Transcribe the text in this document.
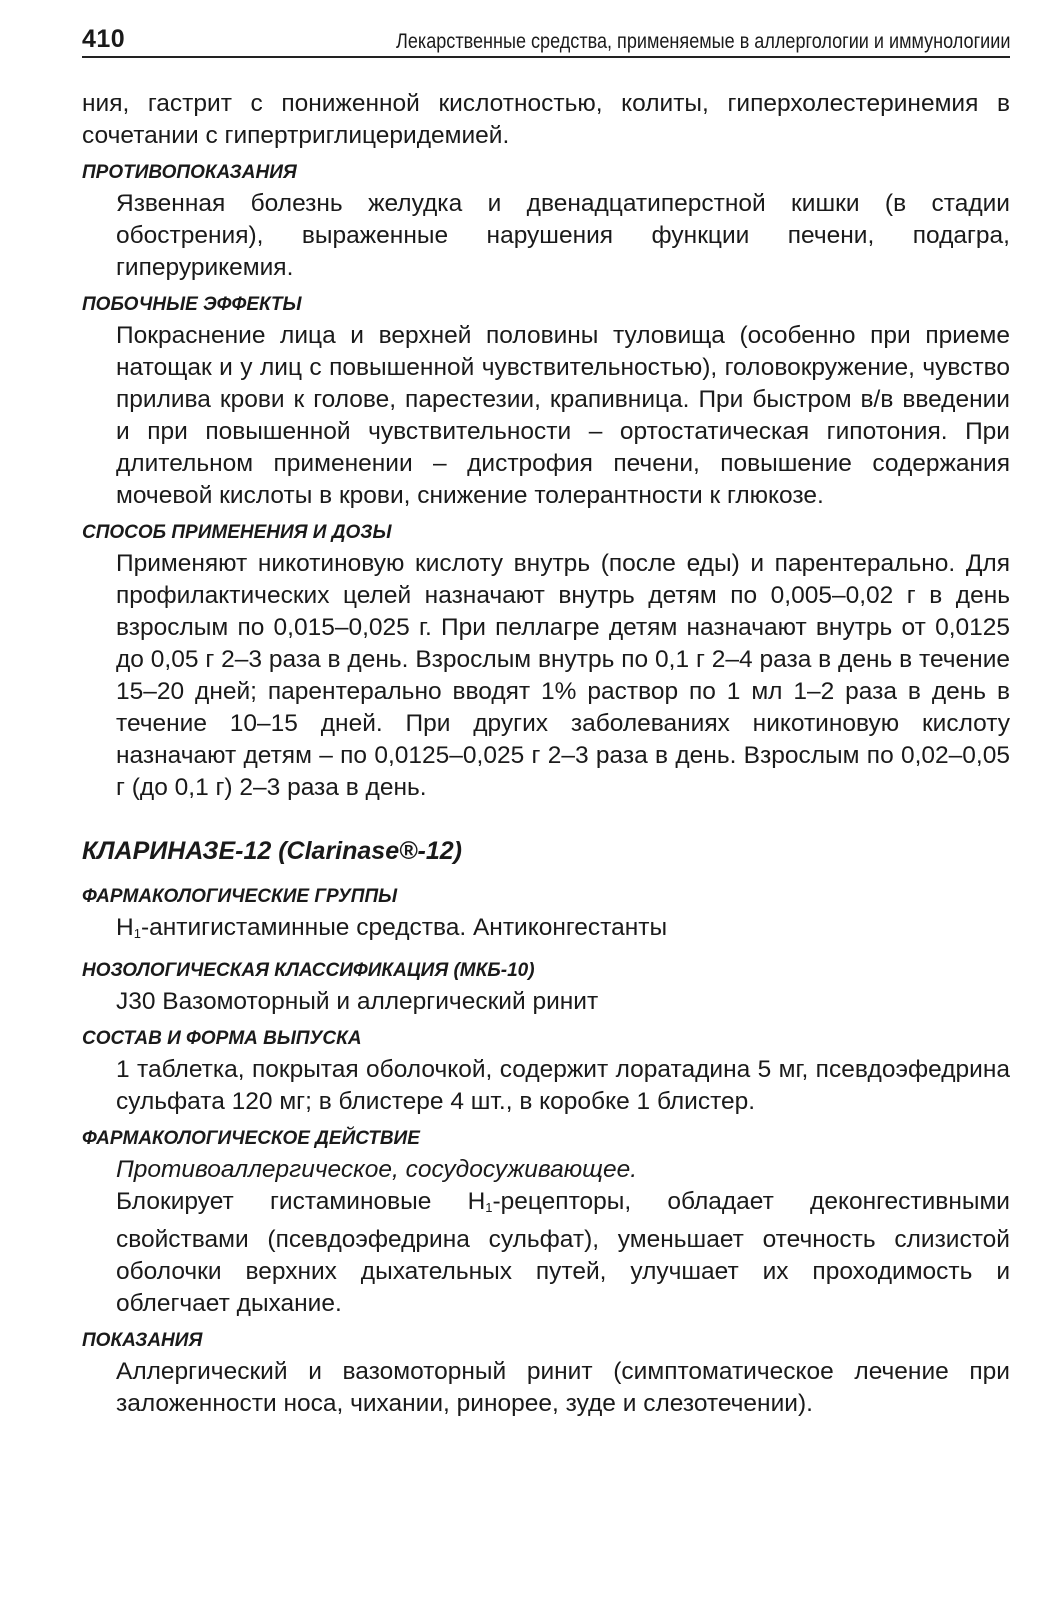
410	Лекарственные средства, применяемые в аллергологии и иммунологиии

ния, гастрит с пониженной кислотностью, колиты, гиперхолестеринемия в сочетании с гипертриглицеридемией.

ПРОТИВОПОКАЗАНИЯ

Язвенная болезнь желудка и двенадцатиперстной кишки (в стадии обострения), выраженные нарушения функции печени, подагра, гиперурикемия.

ПОБОЧНЫЕ ЭФФЕКТЫ

Покраснение лица и верхней половины туловища (особенно при приеме натощак и у лиц с повышенной чувствительностью), головокружение, чувство прилива крови к голове, парестезии, крапивница. При быстром в/в введении и при повышенной чувствительности – ортостатическая гипотония. При длительном применении – дистрофия печени, повышение содержания мочевой кислоты в крови, снижение толерантности к глюкозе.

СПОСОБ ПРИМЕНЕНИЯ И ДОЗЫ

Применяют никотиновую кислоту внутрь (после еды) и парентерально. Для профилактических целей назначают внутрь детям по 0,005–0,02 г в день взрослым по 0,015–0,025 г. При пеллагре детям назначают внутрь от 0,0125 до 0,05 г 2–3 раза в день. Взрослым внутрь по 0,1 г 2–4 раза в день в течение 15–20 дней; парентерально вводят 1% раствор по 1 мл 1–2 раза в день в течение 10–15 дней. При других заболеваниях никотиновую кислоту назначают детям – по 0,0125–0,025 г 2–3 раза в день. Взрослым по 0,02–0,05 г (до 0,1 г) 2–3 раза в день.

КЛАРИНАЗЕ-12 (Clarinase®-12)
ФАРМАКОЛОГИЧЕСКИЕ ГРУППЫ

$H_1$-антигистаминные средства. Антиконгестанты

НОЗОЛОГИЧЕСКАЯ КЛАССИФИКАЦИЯ (МКБ-10)

J30 Вазомоторный и аллергический ринит

СОСТАВ И ФОРМА ВЫПУСКА

1 таблетка, покрытая оболочкой, содержит лоратадина 5 мг, псевдоэфедрина сульфата 120 мг; в блистере 4 шт., в коробке 1 блистер.

ФАРМАКОЛОГИЧЕСКОЕ ДЕЙСТВИЕ

Противоаллергическое, сосудосуживающее.

Блокирует гистаминовые $H_1$-рецепторы, обладает деконгестивными свойствами (псевдоэфедрина сульфат), уменьшает отечность слизистой оболочки верхних дыхательных путей, улучшает их проходимость и облегчает дыхание.

ПОКАЗАНИЯ

Аллергический и вазомоторный ринит (симптоматическое лечение при заложенности носа, чихании, ринорее, зуде и слезотечении).
